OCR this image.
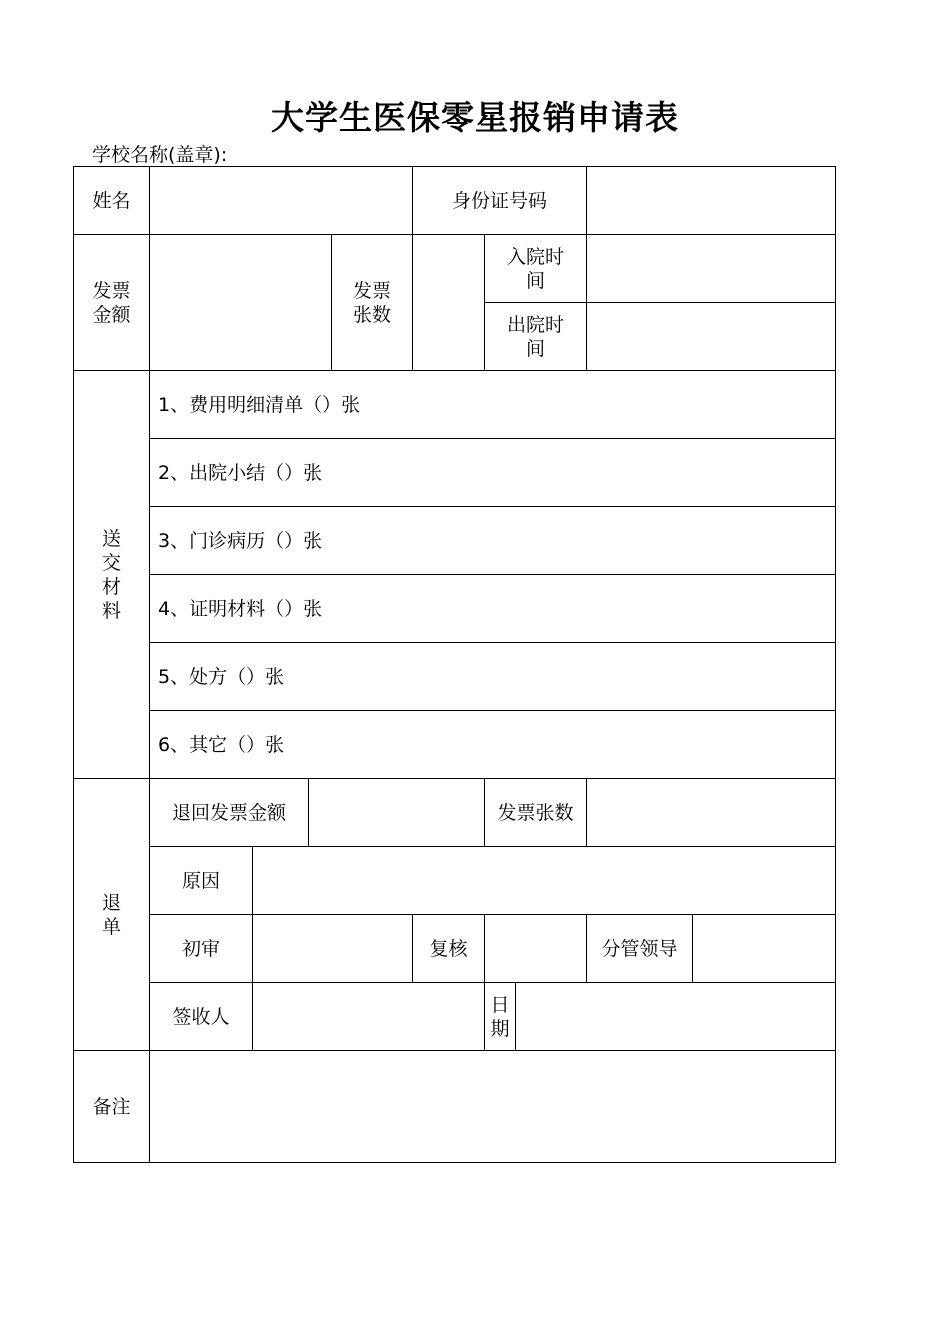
大学生医保零星报销申请表
学校名称(盖章):
姓名					身份证号码				
发票金额				发票张数		入院时间			
						出院时间			
送交材料	1、费用明细清单（）张								
	2、出院小结（）张								
	3、门诊病历（）张								
	4、证明材料（）张								
	5、处方（）张								
	6、其它（）张								
退单	退回发票金额					发票张数			
	原因								
	初审				复核			分管领导	
	签收人					日期			
备注									
